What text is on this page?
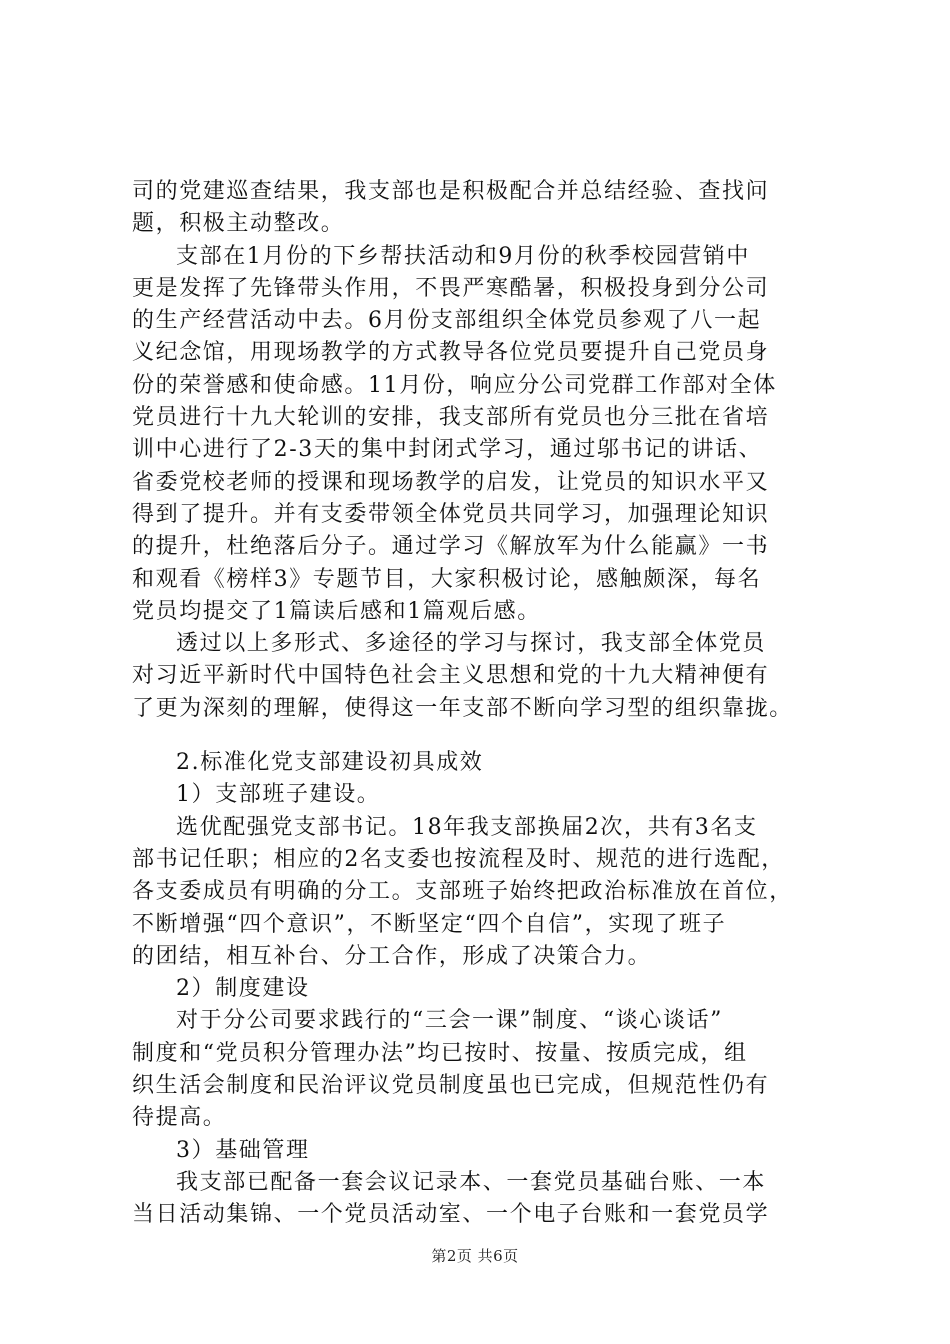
司的党建巡查结果，我支部也是积极配合并总结经验、查找问
题，积极主动整改。
支部在1月份的下乡帮扶活动和9月份的秋季校园营销中
更是发挥了先锋带头作用，不畏严寒酷暑，积极投身到分公司
的生产经营活动中去。6月份支部组织全体党员参观了八一起
义纪念馆，用现场教学的方式教导各位党员要提升自己党员身
份的荣誉感和使命感。11月份，响应分公司党群工作部对全体
党员进行十九大轮训的安排，我支部所有党员也分三批在省培
训中心进行了2-3天的集中封闭式学习，通过邬书记的讲话、
省委党校老师的授课和现场教学的启发，让党员的知识水平又
得到了提升。并有支委带领全体党员共同学习，加强理论知识
的提升，杜绝落后分子。通过学习《解放军为什么能赢》一书
和观看《榜样3》专题节目，大家积极讨论，感触颇深，每名
党员均提交了1篇读后感和1篇观后感。
透过以上多形式、多途径的学习与探讨，我支部全体党员
对习近平新时代中国特色社会主义思想和党的十九大精神便有
了更为深刻的理解，使得这一年支部不断向学习型的组织靠拢。
2.标准化党支部建设初具成效
1）支部班子建设。
选优配强党支部书记。18年我支部换届2次，共有3名支
部书记任职；相应的2名支委也按流程及时、规范的进行选配，
各支委成员有明确的分工。支部班子始终把政治标准放在首位，
不断增强“四个意识”，不断坚定“四个自信”，实现了班子
的团结，相互补台、分工合作，形成了决策合力。
2）制度建设
对于分公司要求践行的“三会一课”制度、“谈心谈话”
制度和“党员积分管理办法”均已按时、按量、按质完成，组
织生活会制度和民治评议党员制度虽也已完成，但规范性仍有
待提高。
3）基础管理
我支部已配备一套会议记录本、一套党员基础台账、一本
当日活动集锦、一个党员活动室、一个电子台账和一套党员学
第2页 共6页
